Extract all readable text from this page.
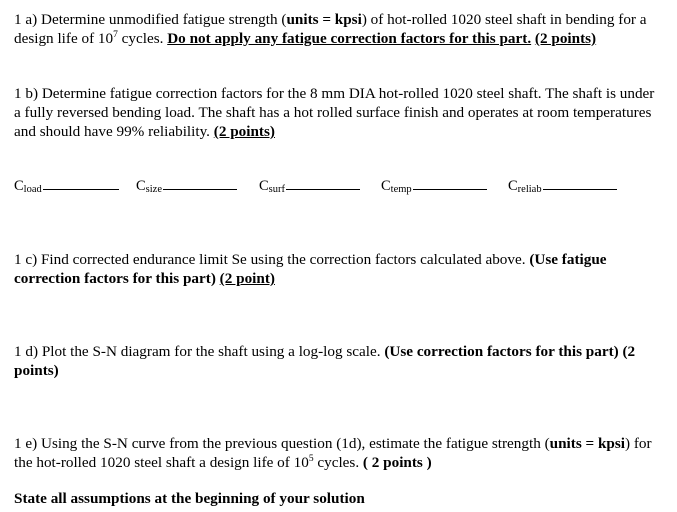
1 a) Determine unmodified fatigue strength (units = kpsi) of hot-rolled 1020 steel shaft in bending for a design life of $10^7$ cycles. Do not apply any fatigue correction factors for this part. (2 points)

1 b) Determine fatigue correction factors for the 8 mm DIA hot-rolled 1020 steel shaft. The shaft is under a fully reversed bending load. The shaft has a hot rolled surface finish and operates at room temperatures and should have 99% reliability. (2 points)

$C_{load}$	$C_{size}$	$C_{surf}$	$C_{temp}$	$C_{reliab}$

1 c) Find corrected endurance limit Se using the correction factors calculated above. (Use fatigue correction factors for this part) (2 point)

1 d) Plot the S-N diagram for the shaft using a log-log scale. (Use correction factors for this part) (2 points)

1 e) Using the S-N curve from the previous question (1d), estimate the fatigue strength (units = kpsi) for the hot-rolled 1020 steel shaft a design life of $10^5$ cycles. ( 2 points )

State all assumptions at the beginning of your solution
